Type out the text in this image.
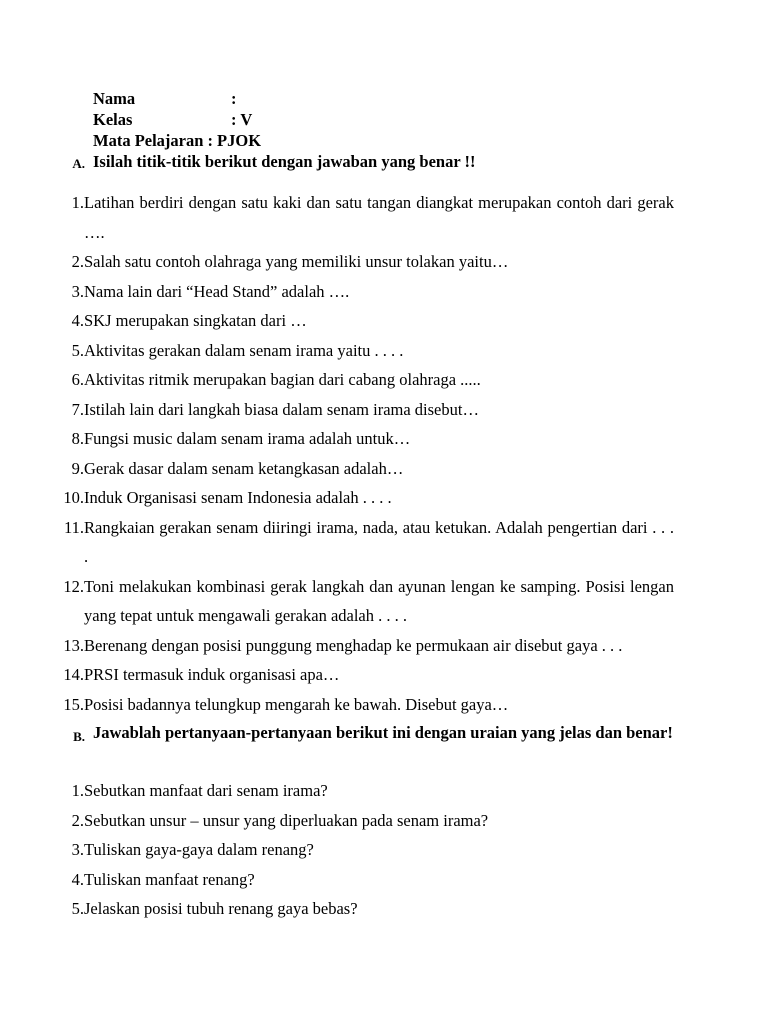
Nama	:
Kelas	: V
Mata Pelajaran : PJOK
A. Isilah titik-titik berikut dengan jawaban yang benar !!
1. Latihan berdiri dengan satu kaki dan satu tangan diangkat merupakan contoh dari gerak ….
2. Salah satu contoh olahraga yang memiliki unsur tolakan yaitu…
3. Nama lain dari “Head Stand” adalah ….
4. SKJ merupakan singkatan dari …
5. Aktivitas gerakan dalam senam irama yaitu . . . .
6. Aktivitas ritmik merupakan bagian dari cabang olahraga .....
7. Istilah lain dari langkah biasa dalam senam irama disebut…
8. Fungsi music dalam senam irama adalah untuk…
9. Gerak dasar dalam senam ketangkasan adalah…
10. Induk Organisasi senam Indonesia adalah . . . .
11. Rangkaian gerakan senam diiringi irama, nada, atau ketukan. Adalah pengertian dari . . . .
12. Toni melakukan kombinasi gerak langkah dan ayunan lengan ke samping. Posisi lengan yang tepat untuk mengawali gerakan adalah . . . .
13. Berenang dengan posisi punggung menghadap ke permukaan air disebut gaya . . .
14. PRSI termasuk induk organisasi apa…
15. Posisi badannya telungkup mengarah ke bawah. Disebut gaya…
B. Jawablah pertanyaan-pertanyaan berikut ini dengan uraian yang jelas dan benar!
1. Sebutkan manfaat dari senam irama?
2. Sebutkan unsur – unsur yang diperluakan pada senam irama?
3. Tuliskan gaya-gaya dalam renang?
4. Tuliskan manfaat renang?
5. Jelaskan posisi tubuh renang gaya bebas?
